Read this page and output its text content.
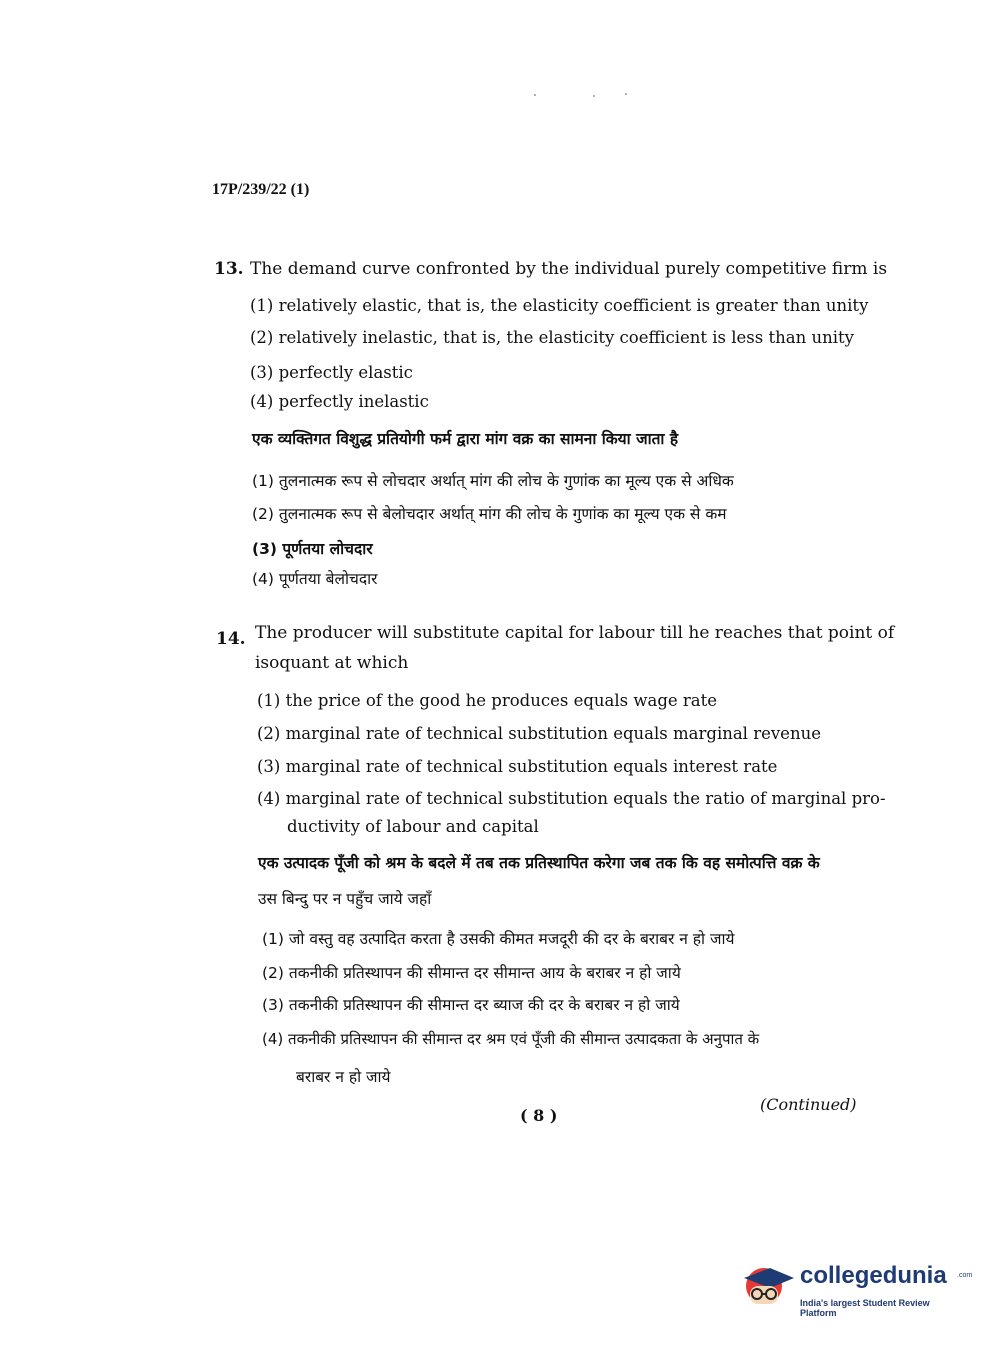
17P/239/22 (1)
13. The demand curve confronted by the individual purely competitive firm is
(1) relatively elastic, that is, the elasticity coefficient is greater than unity
(2) relatively inelastic, that is, the elasticity coefficient is less than unity
(3) perfectly elastic
(4) perfectly inelastic
एक व्यक्तिगत विशुद्ध प्रतियोगी फर्म द्वारा मांग वक्र का सामना किया जाता है
(1) तुलनात्मक रूप से लोचदार अर्थात् मांग की लोच के गुणांक का मूल्य एक से अधिक
(2) तुलनात्मक रूप से बेलोचदार अर्थात् मांग की लोच के गुणांक का मूल्य एक से कम
(3) पूर्णतया लोचदार
(4) पूर्णतया बेलोचदार
14. The producer will substitute capital for labour till he reaches that point of
isoquant at which
(1) the price of the good he produces equals wage rate
(2) marginal rate of technical substitution equals marginal revenue
(3) marginal rate of technical substitution equals interest rate
(4) marginal rate of technical substitution equals the ratio of marginal pro-
ductivity of labour and capital
एक उत्पादक पूँजी को श्रम के बदले में तब तक प्रतिस्थापित करेगा जब तक कि वह समोत्पत्ति वक्र के
उस बिन्दु पर न पहुँच जाये जहाँ
(1) जो वस्तु वह उत्पादित करता है उसकी कीमत मजदूरी की दर के बराबर न हो जाये
(2) तकनीकी प्रतिस्थापन की सीमान्त दर सीमान्त आय के बराबर न हो जाये
(3) तकनीकी प्रतिस्थापन की सीमान्त दर ब्याज की दर के बराबर न हो जाये
(4) तकनीकी प्रतिस्थापन की सीमान्त दर श्रम एवं पूँजी की सीमान्त उत्पादकता के अनुपात के
बराबर न हो जाये
(Continued)
( 8 )
collegedunia .com
India's largest Student Review Platform
